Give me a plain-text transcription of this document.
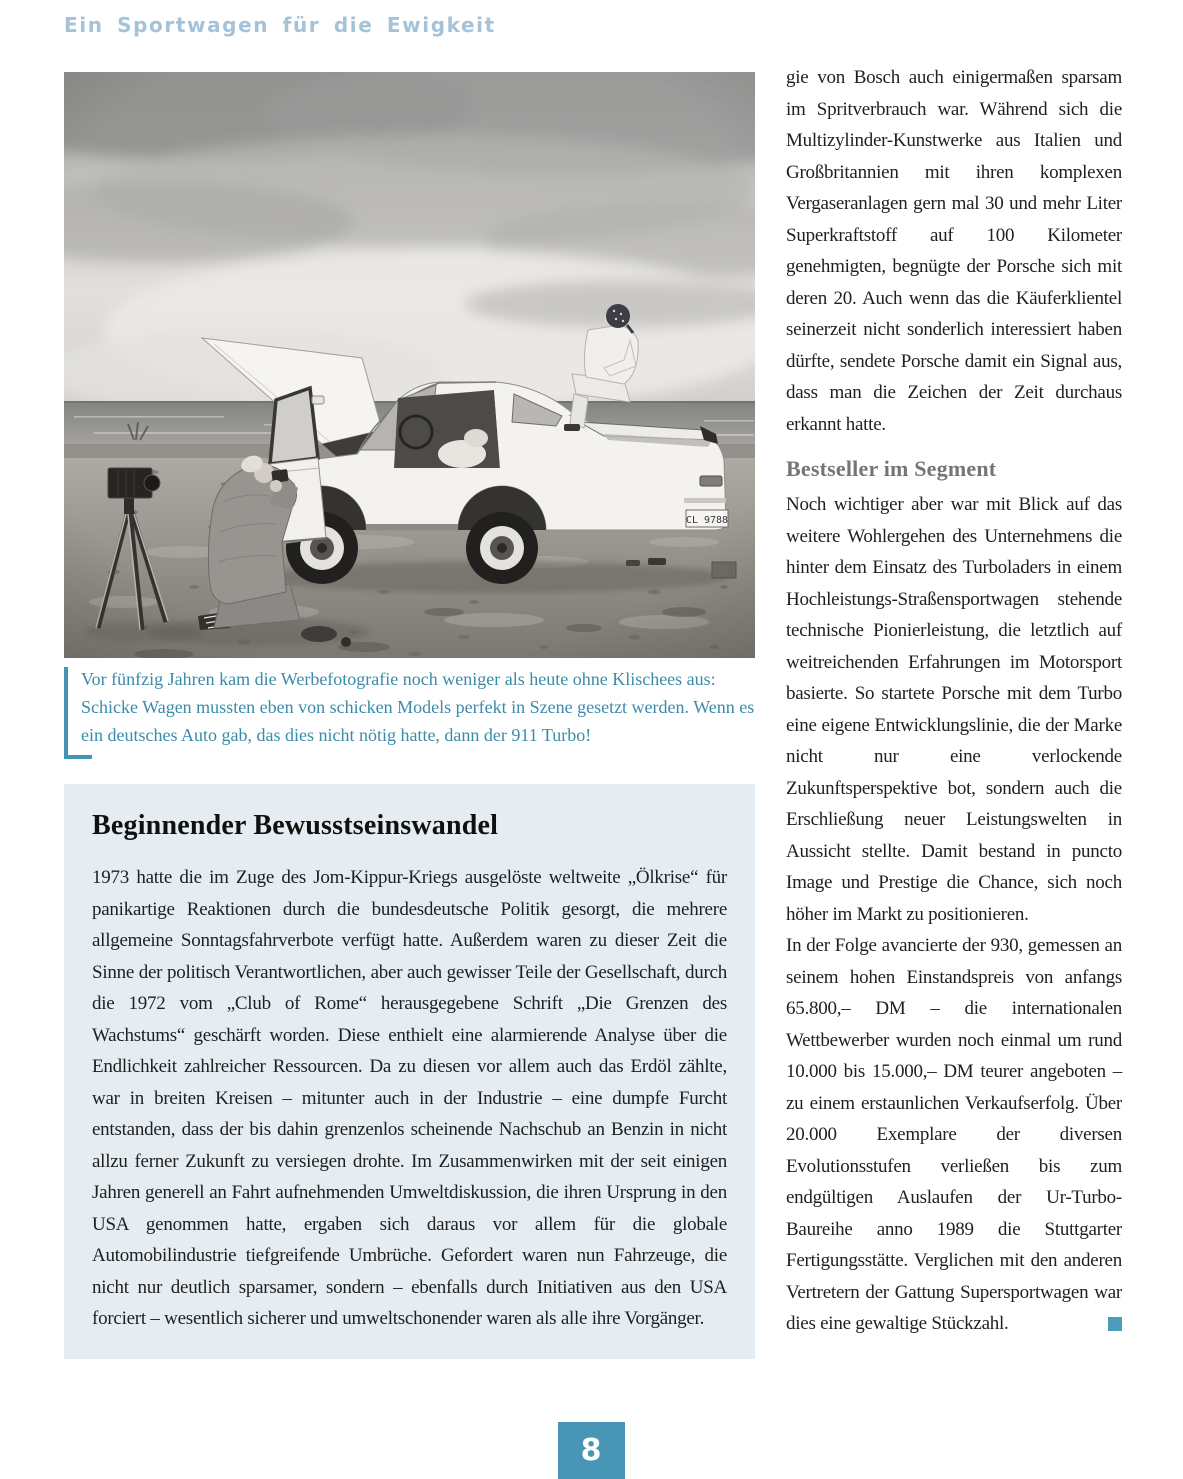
Ein Sportwagen für die Ewigkeit
Vor fünfzig Jahren kam die Werbefotografie noch weniger als heute ohne Klischees aus: Schicke Wagen mussten eben von schicken Models perfekt in Szene gesetzt werden. Wenn es ein deutsches Auto gab, das dies nicht nötig hatte, dann der 911 Turbo!
Beginnender Bewusstseinswandel

1973 hatte die im Zuge des Jom-Kippur-Kriegs ausgelöste weltweite „Ölkrise“ für panikartige Reaktionen durch die bundesdeutsche Politik gesorgt, die mehrere allgemeine Sonntagsfahrverbote verfügt hatte. Außerdem waren zu dieser Zeit die Sinne der politisch Verantwortlichen, aber auch gewisser Teile der Gesellschaft, durch die 1972 vom „Club of Rome“ herausgegebene Schrift „Die Grenzen des Wachstums“ geschärft worden. Diese enthielt eine alarmierende Analyse über die Endlichkeit zahlreicher Ressourcen. Da zu diesen vor allem auch das Erdöl zählte, war in breiten Kreisen – mitunter auch in der Industrie – eine dumpfe Furcht entstanden, dass der bis dahin grenzenlos scheinende Nachschub an Benzin in nicht allzu ferner Zukunft zu versiegen drohte. Im Zusammenwirken mit der seit einigen Jahren generell an Fahrt aufnehmenden Umweltdiskussion, die ihren Ursprung in den USA genommen hatte, ergaben sich daraus vor allem für die globale Automobilindustrie tiefgreifende Umbrüche. Gefordert waren nun Fahrzeuge, die nicht nur deutlich sparsamer, sondern – ebenfalls durch Initiativen aus den USA forciert – wesentlich sicherer und umweltschonender waren als alle ihre Vorgänger.

gie von Bosch auch einigermaßen sparsam im Spritverbrauch war. Während sich die Multizylinder-Kunstwerke aus Italien und Großbritannien mit ihren komplexen Vergaseranlagen gern mal 30 und mehr Liter Superkraftstoff auf 100 Kilometer genehmigten, begnügte der Porsche sich mit deren 20. Auch wenn das die Käuferklientel seinerzeit nicht sonderlich interessiert haben dürfte, sendete Porsche damit ein Signal aus, dass man die Zeichen der Zeit durchaus erkannt hatte.

Bestseller im Segment

Noch wichtiger aber war mit Blick auf das weitere Wohlergehen des Unternehmens die hinter dem Einsatz des Turboladers in einem Hochleistungs-Straßensportwagen stehende technische Pionierleistung, die letztlich auf weitreichenden Erfahrungen im Motorsport basierte. So startete Porsche mit dem Turbo eine eigene Entwicklungslinie, die der Marke nicht nur eine verlockende Zukunftsperspektive bot, sondern auch die Erschließung neuer Leistungswelten in Aussicht stellte. Damit bestand in puncto Image und Prestige die Chance, sich noch höher im Markt zu positionieren.

In der Folge avancierte der 930, gemessen an seinem hohen Einstandspreis von anfangs 65.800,– DM – die internationalen Wettbewerber wurden noch einmal um rund 10.000 bis 15.000,– DM teurer angeboten – zu einem erstaunlichen Verkaufserfolg. Über 20.000 Exemplare der diversen Evolutionsstufen verließen bis zum endgültigen Auslaufen der Ur-Turbo-Baureihe anno 1989 die Stuttgarter Fertigungsstätte. Verglichen mit den anderen Vertretern der Gattung Supersportwagen war dies eine gewaltige Stückzahl.

8
